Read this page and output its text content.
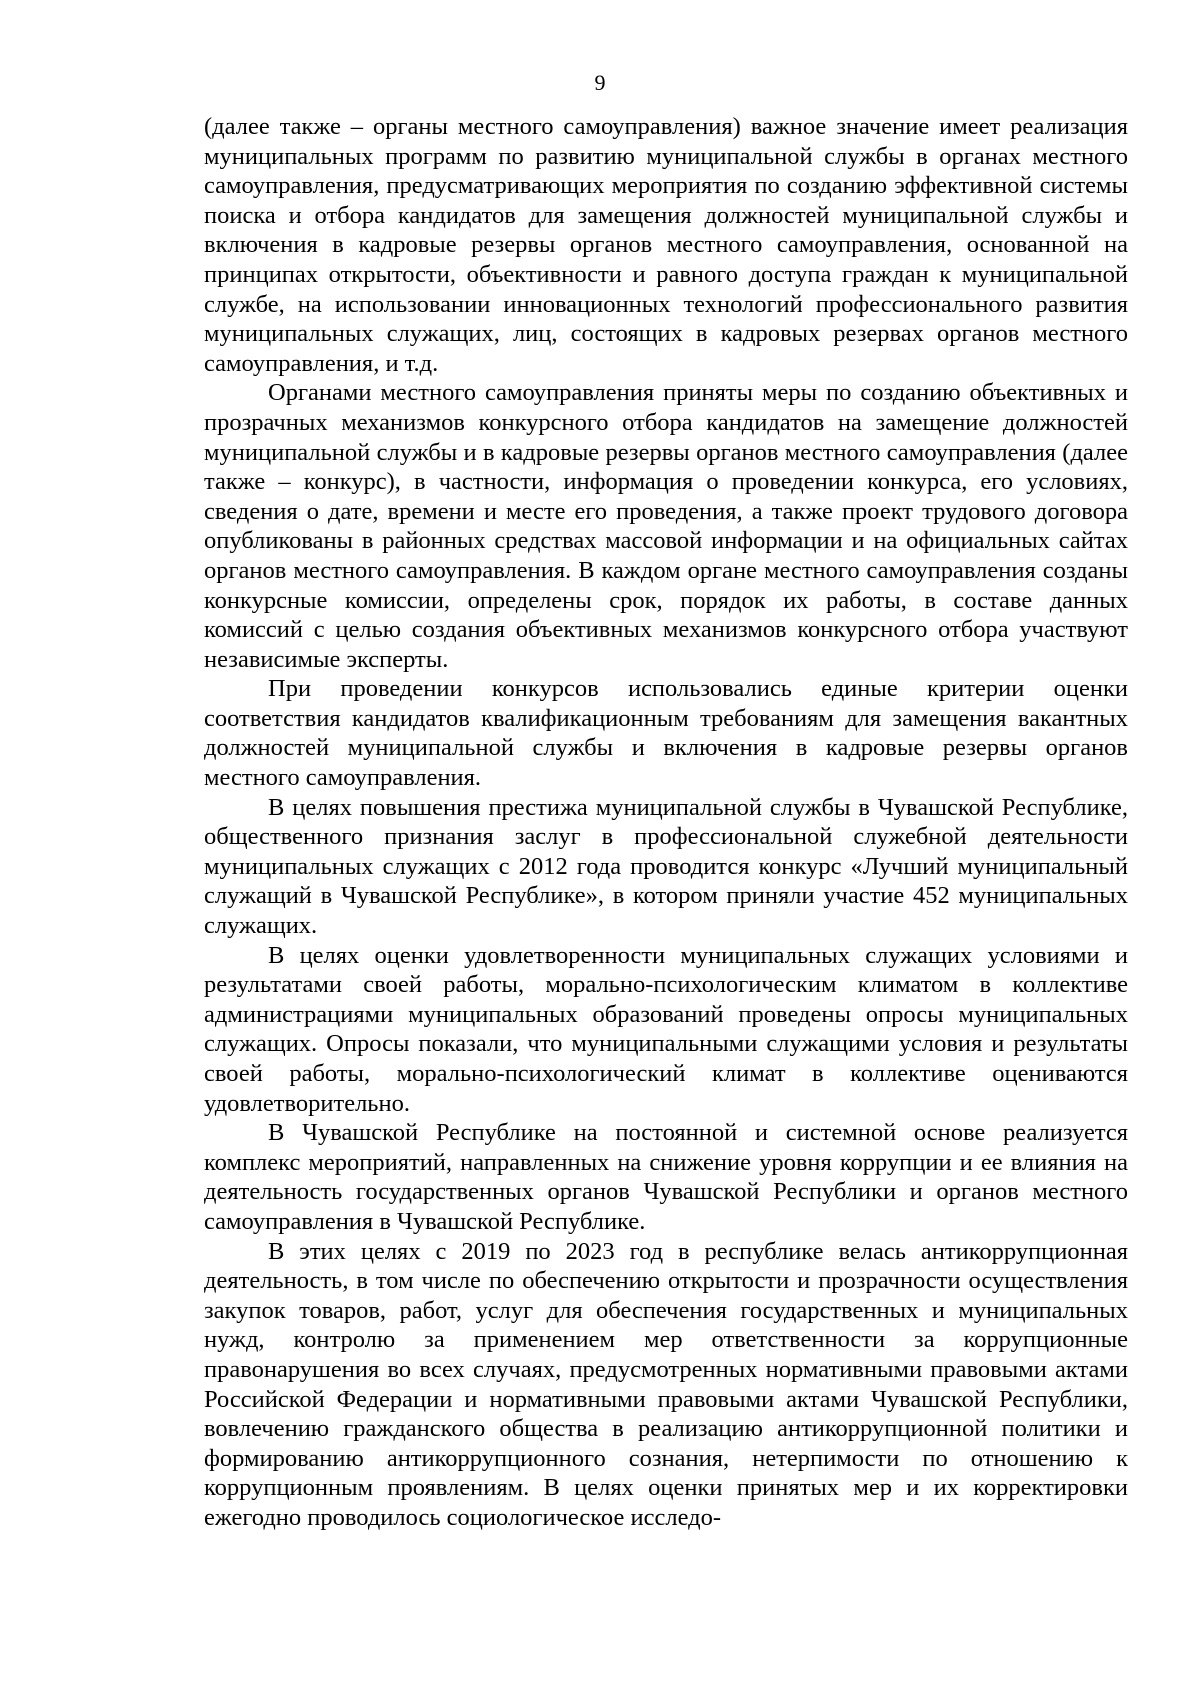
9

(далее также – органы местного самоуправления) важное значение имеет реализация муниципальных программ по развитию муниципальной службы в органах местного самоуправления, предусматривающих мероприятия по созданию эффективной системы поиска и отбора кандидатов для замещения должностей муниципальной службы и включения в кадровые резервы органов местного самоуправления, основанной на принципах открытости, объективности и равного доступа граждан к муниципальной службе, на использовании инновационных технологий профессионального развития муниципальных служащих, лиц, состоящих в кадровых резервах органов местного самоуправления, и т.д.

Органами местного самоуправления приняты меры по созданию объективных и прозрачных механизмов конкурсного отбора кандидатов на замещение должностей муниципальной службы и в кадровые резервы органов местного самоуправления (далее также – конкурс), в частности, информация о проведении конкурса, его условиях, сведения о дате, времени и месте его проведения, а также проект трудового договора опубликованы в районных средствах массовой информации и на официальных сайтах органов местного самоуправления. В каждом органе местного самоуправления созданы конкурсные комиссии, определены срок, порядок их работы, в составе данных комиссий с целью создания объективных механизмов конкурсного отбора участвуют независимые эксперты.

При проведении конкурсов использовались единые критерии оценки соответствия кандидатов квалификационным требованиям для замещения вакантных должностей муниципальной службы и включения в кадровые резервы органов местного самоуправления.

В целях повышения престижа муниципальной службы в Чувашской Республике, общественного признания заслуг в профессиональной служебной деятельности муниципальных служащих с 2012 года проводится конкурс «Лучший муниципальный служащий в Чувашской Республике», в котором приняли участие 452 муниципальных служащих.

В целях оценки удовлетворенности муниципальных служащих условиями и результатами своей работы, морально-психологическим климатом в коллективе администрациями муниципальных образований проведены опросы муниципальных служащих. Опросы показали, что муниципальными служащими условия и результаты своей работы, морально-психологический климат в коллективе оцениваются удовлетворительно.

В Чувашской Республике на постоянной и системной основе реализуется комплекс мероприятий, направленных на снижение уровня коррупции и ее влияния на деятельность государственных органов Чувашской Республики и органов местного самоуправления в Чувашской Республике.

В этих целях с 2019 по 2023 год в республике велась антикоррупционная деятельность, в том числе по обеспечению открытости и прозрачности осуществления закупок товаров, работ, услуг для обеспечения государственных и муниципальных нужд, контролю за применением мер ответственности за коррупционные правонарушения во всех случаях, предусмотренных нормативными правовыми актами Российской Федерации и нормативными правовыми актами Чувашской Республики, вовлечению гражданского общества в реализацию антикоррупционной политики и формированию антикоррупционного сознания, нетерпимости по отношению к коррупционным проявлениям. В целях оценки принятых мер и их корректировки ежегодно проводилось социологическое исследо-
